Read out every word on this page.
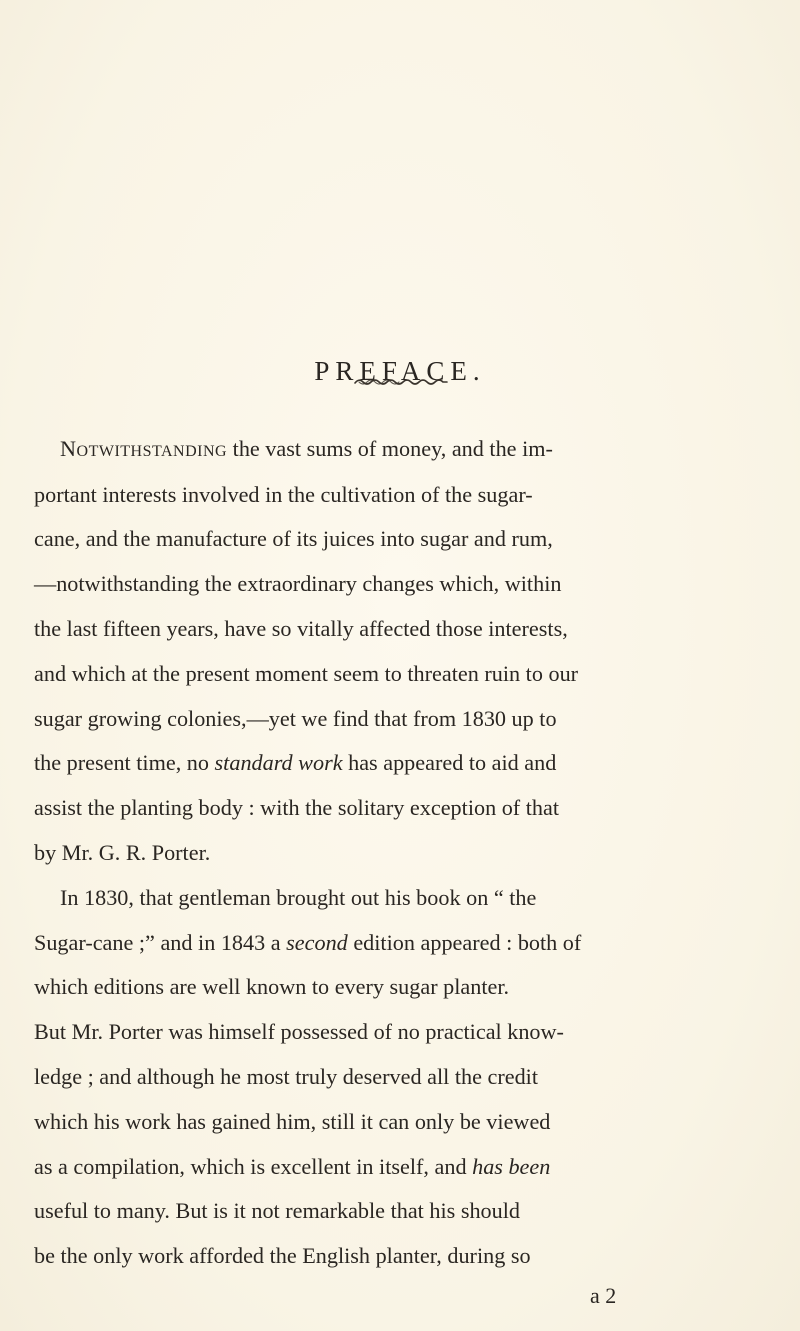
PREFACE.
Notwithstanding the vast sums of money, and the im-
portant interests involved in the cultivation of the sugar-
cane, and the manufacture of its juices into sugar and rum,
—notwithstanding the extraordinary changes which, within
the last fifteen years, have so vitally affected those interests,
and which at the present moment seem to threaten ruin to our
sugar growing colonies,—yet we find that from 1830 up to
the present time, no standard work has appeared to aid and
assist the planting body : with the solitary exception of that
by Mr. G. R. Porter.
In 1830, that gentleman brought out his book on “ the
Sugar-cane ;” and in 1843 a second edition appeared : both of
which editions are well known to every sugar planter.
But Mr. Porter was himself possessed of no practical know-
ledge ; and although he most truly deserved all the credit
which his work has gained him, still it can only be viewed
as a compilation, which is excellent in itself, and has been
useful to many. But is it not remarkable that his should
be the only work afforded the English planter, during so
a 2
